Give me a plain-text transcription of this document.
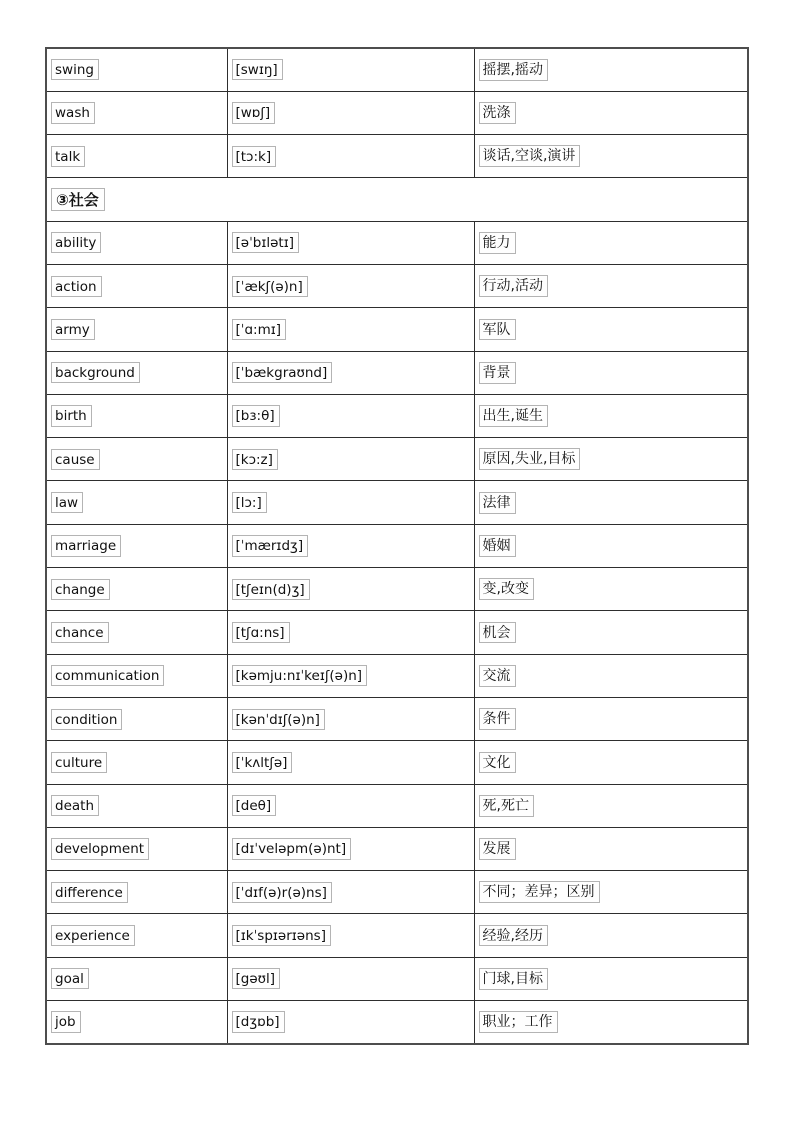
swing	[swɪŋ]	摇摆,摇动
wash	[wɒʃ]	洗涤
talk	[tɔ:k]	谈话,空谈,演讲
③社会		
ability	[əˈbɪlətɪ]	能力
action	[ˈækʃ(ə)n]	行动,活动
army	[ˈɑ:mɪ]	军队
background	[ˈbækgraʊnd]	背景
birth	[bɜ:θ]	出生,诞生
cause	[kɔ:z]	原因,失业,目标
law	[lɔ:]	法律
marriage	[ˈmærɪdʒ]	婚姻
change	[tʃeɪn(d)ʒ]	变,改变
chance	[tʃɑ:ns]	机会
communication	[kəmju:nɪˈkeɪʃ(ə)n]	交流
condition	[kənˈdɪʃ(ə)n]	条件
culture	[ˈkʌltʃə]	文化
death	[deθ]	死,死亡
development	[dɪˈveləpm(ə)nt]	发展
difference	[ˈdɪf(ə)r(ə)ns]	不同；差异；区别
experience	[ɪkˈspɪərɪəns]	经验,经历
goal	[gəʊl]	门球,目标
job	[dʒɒb]	职业；工作
